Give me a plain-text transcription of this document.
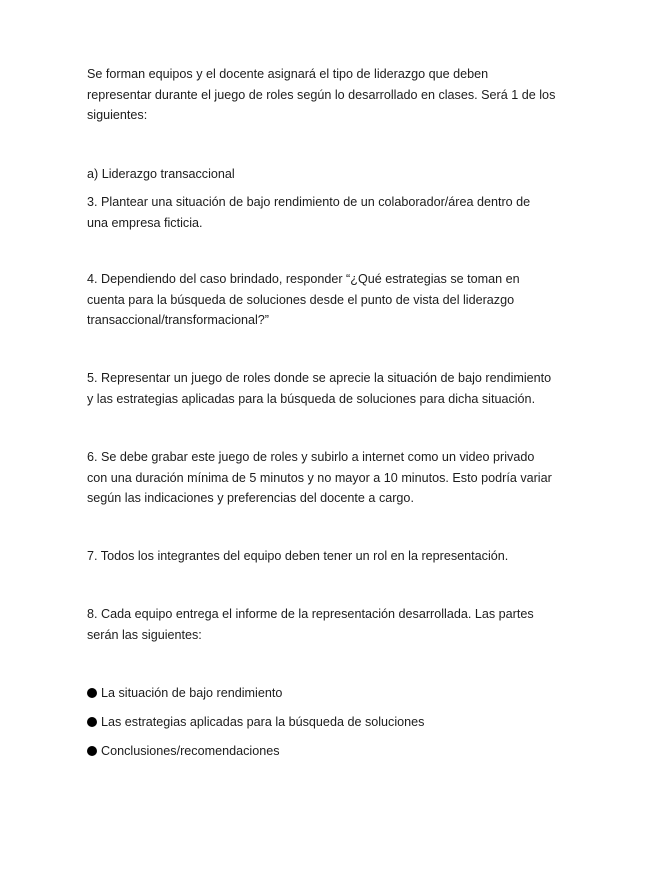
Se forman equipos y el docente asignará el tipo de liderazgo que deben
representar durante el juego de roles según lo desarrollado en clases. Será 1 de los
siguientes:

a) Liderazgo transaccional

3. Plantear una situación de bajo rendimiento de un colaborador/área dentro de
una empresa ficticia.

4. Dependiendo del caso brindado, responder “¿Qué estrategias se toman en
cuenta para la búsqueda de soluciones desde el punto de vista del liderazgo
transaccional/transformacional?”

5. Representar un juego de roles donde se aprecie la situación de bajo rendimiento
y las estrategias aplicadas para la búsqueda de soluciones para dicha situación.

6. Se debe grabar este juego de roles y subirlo a internet como un video privado
con una duración mínima de 5 minutos y no mayor a 10 minutos. Esto podría variar
según las indicaciones y preferencias del docente a cargo.

7. Todos los integrantes del equipo deben tener un rol en la representación.

8. Cada equipo entrega el informe de la representación desarrollada. Las partes
serán las siguientes:

La situación de bajo rendimiento
Las estrategias aplicadas para la búsqueda de soluciones
Conclusiones/recomendaciones
